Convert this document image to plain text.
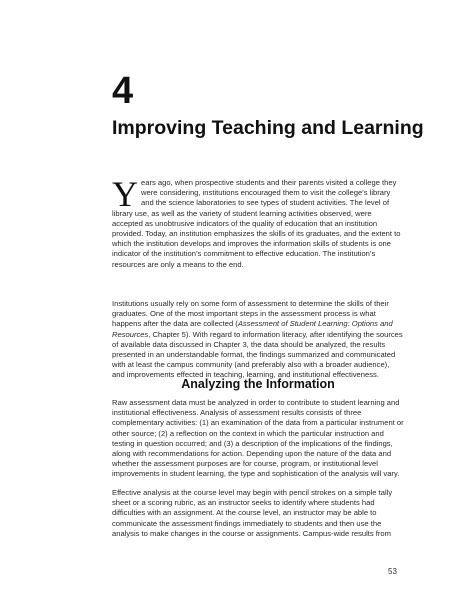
4
Improving Teaching and Learning
Y ears ago, when prospective students and their parents visited a college they were considering, institutions encouraged them to visit the college’s library and the science laboratories to see types of student activities. The level of library use, as well as the variety of student learning activities observed, were accepted as unobtrusive indicators of the quality of education that an institution provided. Today, an institution emphasizes the skills of its graduates, and the extent to which the institution develops and improves the information skills of students is one indicator of the institution’s commitment to effective education. The institution’s resources are only a means to the end.

Institutions usually rely on some form of assessment to determine the skills of their graduates. One of the most important steps in the assessment process is what happens after the data are collected (Assessment of Student Learning: Options and Resources, Chapter 5). With regard to information literacy, after identifying the sources of available data discussed in Chapter 3, the data should be analyzed, the results presented in an understandable format, the findings summarized and communicated with at least the campus community (and preferably also with a broader audience), and improvements effected in teaching, learning, and institutional effectiveness.

Analyzing the Information

Raw assessment data must be analyzed in order to contribute to student learning and institutional effectiveness. Analysis of assessment results consists of three complementary activities: (1) an examination of the data from a particular instrument or other source; (2) a reflection on the context in which the particular instruction and testing in question occurred; and (3) a description of the implications of the findings, along with recommendations for action. Depending upon the nature of the data and whether the assessment purposes are for course, program, or institutional level improvements in student learning, the type and sophistication of the analysis will vary.

Effective analysis at the course level may begin with pencil strokes on a simple tally sheet or a scoring rubric, as an instructor seeks to identify where students had difficulties with an assignment. At the course level, an instructor may be able to communicate the assessment findings immediately to students and then use the analysis to make changes in the course or assignments. Campus-wide results from

53
